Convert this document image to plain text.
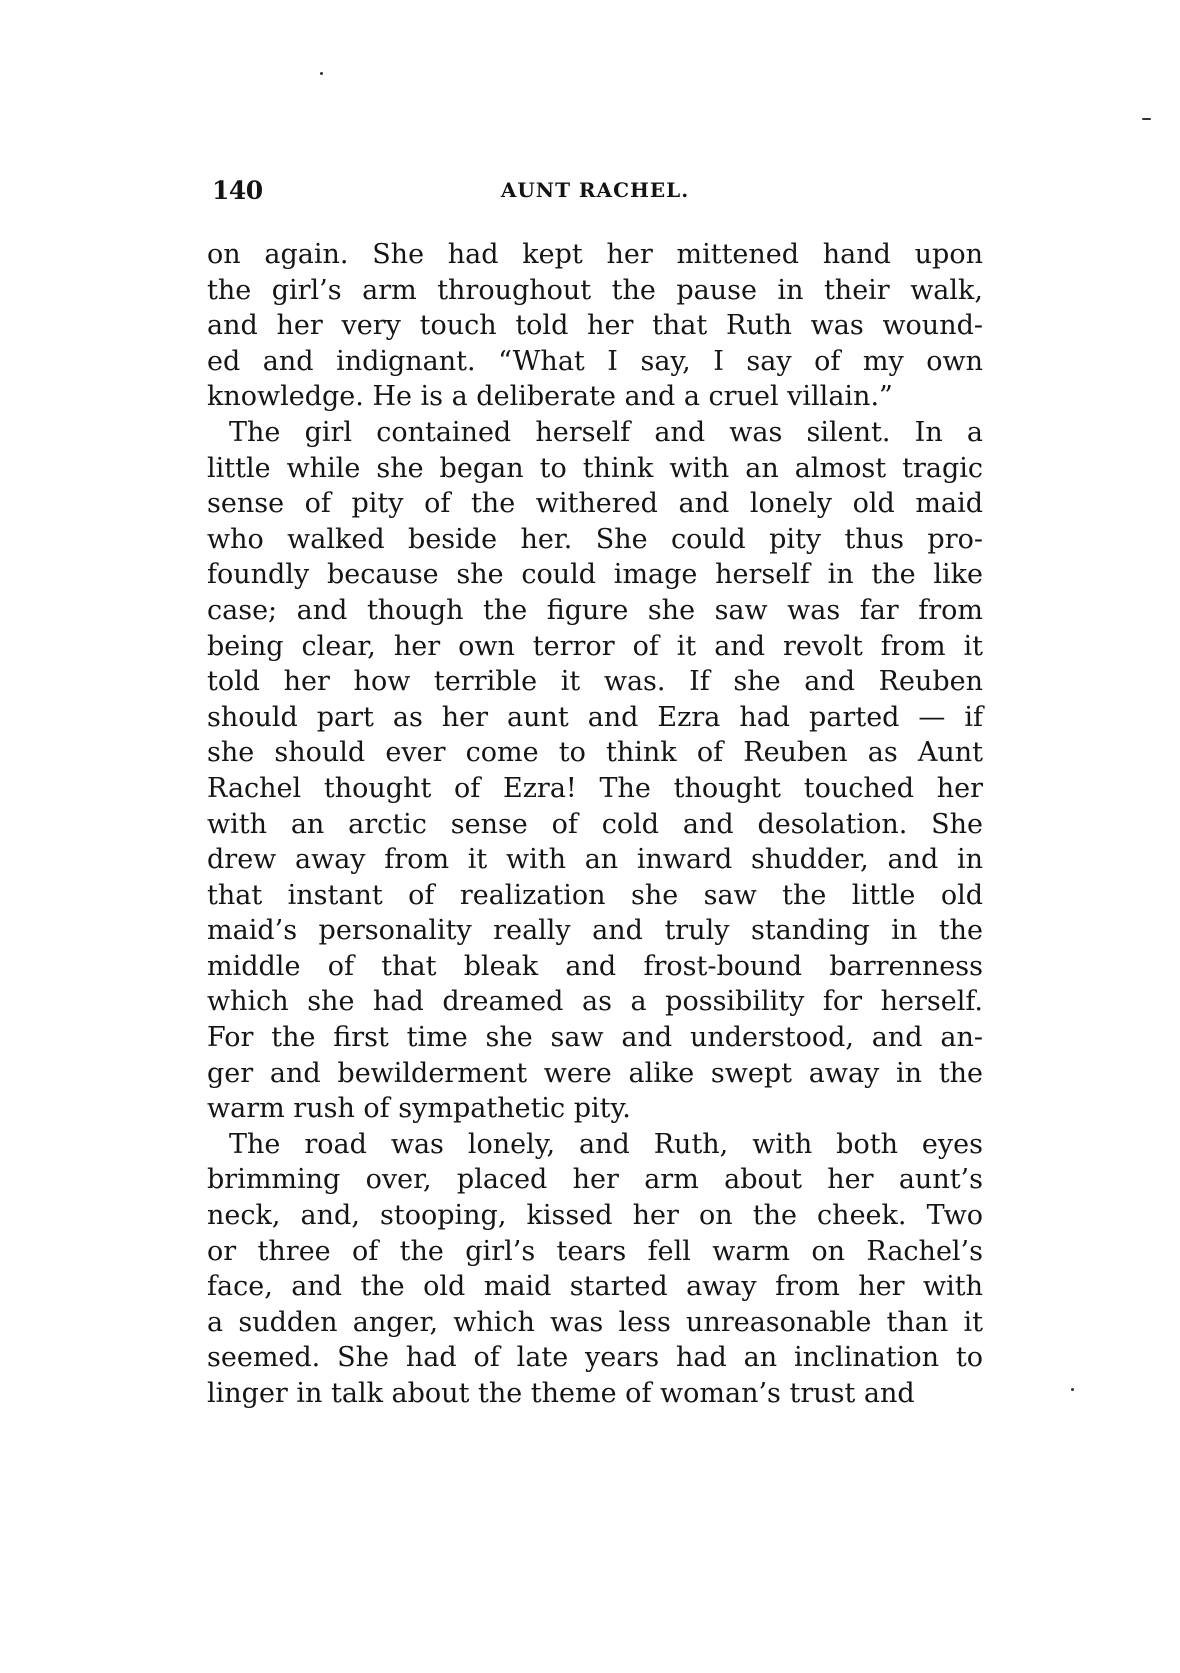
140	AUNT RACHEL.
on again. She had kept her mittened hand upon
the girl’s arm throughout the pause in their walk,
and her very touch told her that Ruth was wound-
ed and indignant. “What I say, I say of my own
knowledge. He is a deliberate and a cruel villain.”
The girl contained herself and was silent. In a
little while she began to think with an almost tragic
sense of pity of the withered and lonely old maid
who walked beside her. She could pity thus pro-
foundly because she could image herself in the like
case; and though the figure she saw was far from
being clear, her own terror of it and revolt from it
told her how terrible it was. If she and Reuben
should part as her aunt and Ezra had parted — if
she should ever come to think of Reuben as Aunt
Rachel thought of Ezra! The thought touched her
with an arctic sense of cold and desolation. She
drew away from it with an inward shudder, and in
that instant of realization she saw the little old
maid’s personality really and truly standing in the
middle of that bleak and frost-bound barrenness
which she had dreamed as a possibility for herself.
For the first time she saw and understood, and an-
ger and bewilderment were alike swept away in the
warm rush of sympathetic pity.
The road was lonely, and Ruth, with both eyes
brimming over, placed her arm about her aunt’s
neck, and, stooping, kissed her on the cheek. Two
or three of the girl’s tears fell warm on Rachel’s
face, and the old maid started away from her with
a sudden anger, which was less unreasonable than it
seemed. She had of late years had an inclination to
linger in talk about the theme of woman’s trust and
